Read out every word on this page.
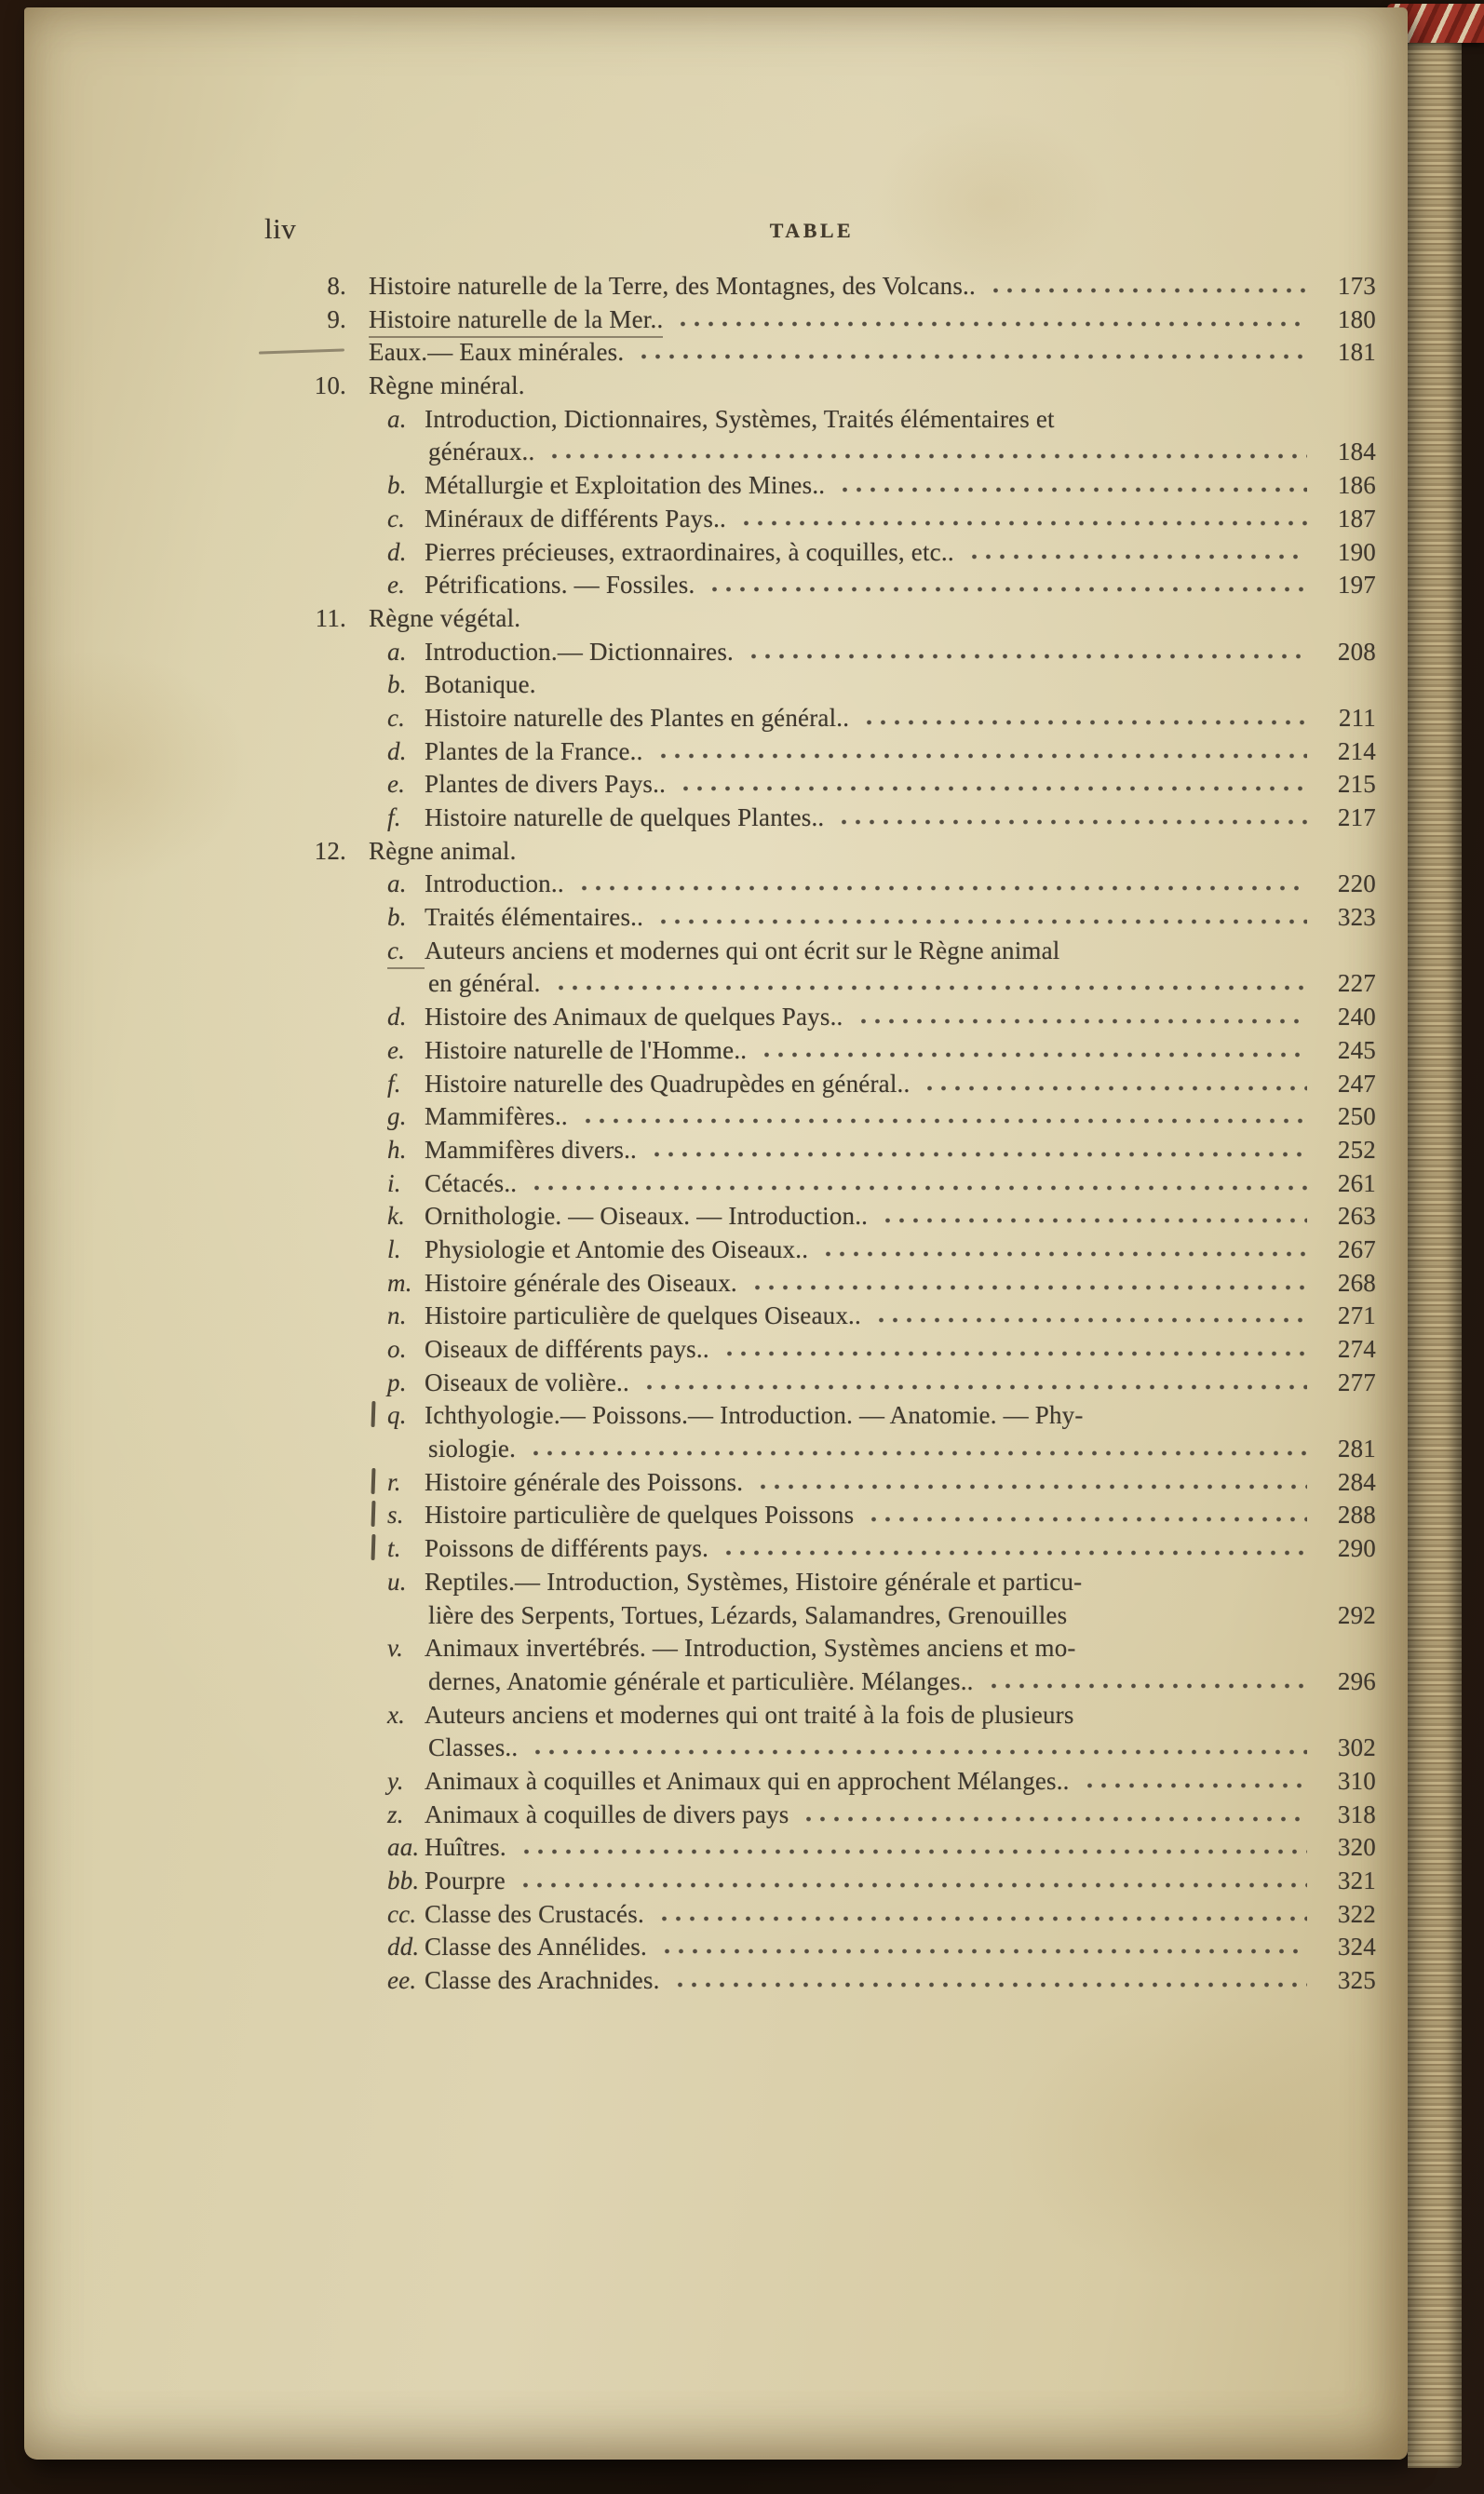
liv	TABLE
8. Histoire naturelle de la Terre, des Montagnes, des Volcans..	173
9. Histoire naturelle de la Mer..	180
Eaux.— Eaux minérales.	181
10. Règne minéral.
a. Introduction, Dictionnaires, Systèmes, Traités élémentaires et
généraux..	184
b. Métallurgie et Exploitation des Mines..	186
c. Minéraux de différents Pays..	187
d. Pierres précieuses, extraordinaires, à coquilles, etc..	190
e. Pétrifications. — Fossiles.	197
11. Règne végétal.
a. Introduction.— Dictionnaires.	208
b. Botanique.
c. Histoire naturelle des Plantes en général..	211
d. Plantes de la France..	214
e. Plantes de divers Pays..	215
f. Histoire naturelle de quelques Plantes..	217
12. Règne animal.
a. Introduction..	220
b. Traités élémentaires..	323
c. Auteurs anciens et modernes qui ont écrit sur le Règne animal
en général.	227
d. Histoire des Animaux de quelques Pays..	240
e. Histoire naturelle de l'Homme..	245
f. Histoire naturelle des Quadrupèdes en général..	247
g. Mammifères..	250
h. Mammifères divers..	252
i. Cétacés..	261
k. Ornithologie. — Oiseaux. — Introduction..	263
l. Physiologie et Antomie des Oiseaux..	267
m. Histoire générale des Oiseaux.	268
n. Histoire particulière de quelques Oiseaux..	271
o. Oiseaux de différents pays..	274
p. Oiseaux de volière..	277
q. Ichthyologie.— Poissons.— Introduction. — Anatomie. — Phy-
siologie.	281
r. Histoire générale des Poissons.	284
s. Histoire particulière de quelques Poissons	288
t. Poissons de différents pays.	290
u. Reptiles.— Introduction, Systèmes, Histoire générale et particu-
lière des Serpents, Tortues, Lézards, Salamandres, Grenouilles	292
v. Animaux invertébrés. — Introduction, Systèmes anciens et mo-
dernes, Anatomie générale et particulière. Mélanges..	296
x. Auteurs anciens et modernes qui ont traité à la fois de plusieurs
Classes..	302
y. Animaux à coquilles et Animaux qui en approchent Mélanges..	310
z. Animaux à coquilles de divers pays	318
aa. Huîtres.	320
bb. Pourpre	321
cc. Classe des Crustacés.	322
dd. Classe des Annélides.	324
ee. Classe des Arachnides.	325
